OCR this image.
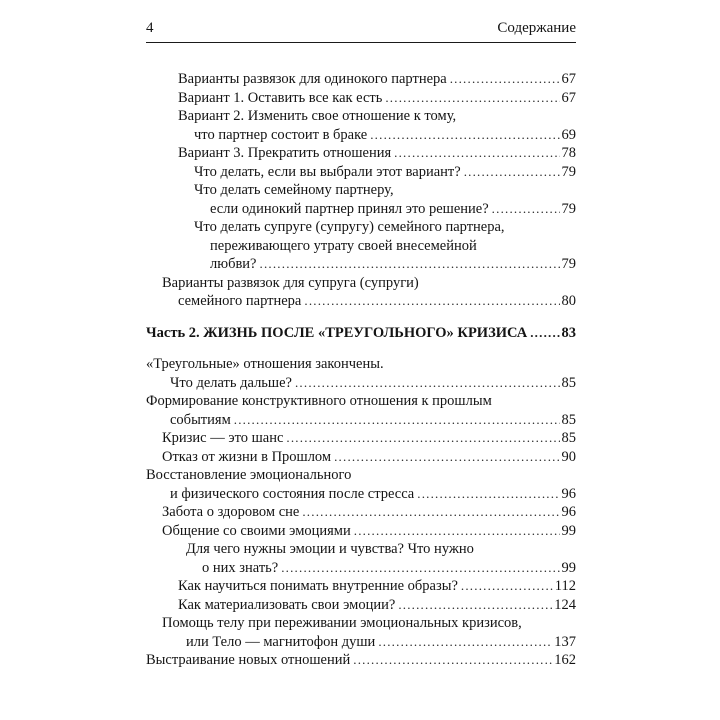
4	Содержание
Варианты развязок для одинокого партнера .....	67
Вариант 1. Оставить все как есть .....	67
Вариант 2. Изменить свое отношение к тому,
что партнер состоит в браке .....	69
Вариант 3. Прекратить отношения .....	78
Что делать, если вы выбрали этот вариант? .....	79
Что делать семейному партнеру,
если одинокий партнер принял это решение? .....	79
Что делать супруге (супругу) семейного партнера,
переживающего утрату своей внесемейной
любви? .....	79
Варианты развязок для супруга (супруги)
семейного партнера .....	80
Часть 2. ЖИЗНЬ ПОСЛЕ «ТРЕУГОЛЬНОГО» КРИЗИСА ..... 83
«Треугольные» отношения закончены.
Что делать дальше? .....	85
Формирование конструктивного отношения к прошлым
событиям .....	85
Кризис — это шанс .....	85
Отказ от жизни в Прошлом .....	90
Восстановление эмоционального
и физического состояния после стресса .....	96
Забота о здоровом сне .....	96
Общение со своими эмоциями .....	99
Для чего нужны эмоции и чувства? Что нужно
о них знать? .....	99
Как научиться понимать внутренние образы? .....	112
Как материализовать свои эмоции? .....	124
Помощь телу при переживании эмоциональных кризисов,
или Тело — магнитофон души .....	137
Выстраивание новых отношений .....	162
